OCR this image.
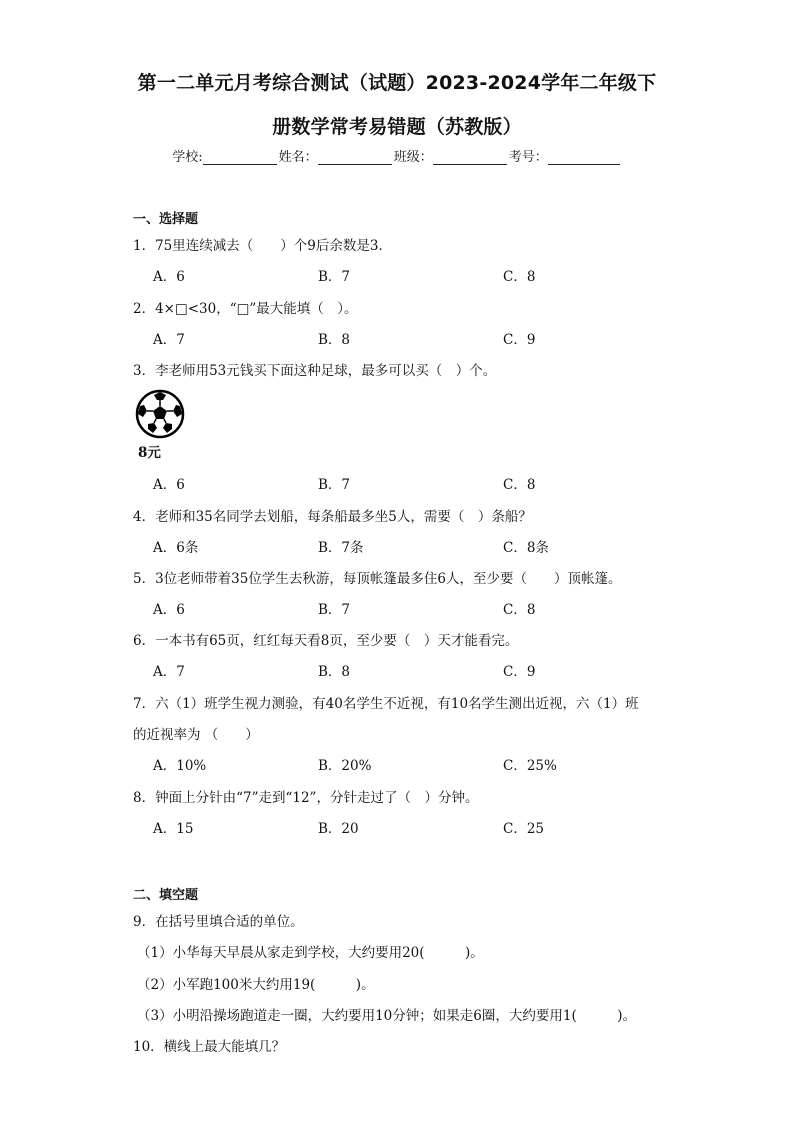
第一二单元月考综合测试（试题）2023-2024学年二年级下
册数学常考易错题（苏教版）
学校:	姓名：	班级：	考号：
一、选择题
1．75里连续减去（　　）个9后余数是3．
A．6	B．7	C．8
2．4×□<30，“□”最大能填（　）。
A．7	B．8	C．9
3．李老师用53元钱买下面这种足球，最多可以买（　）个。
8元
A．6	B．7	C．8
4．老师和35名同学去划船，每条船最多坐5人，需要（　）条船？
A．6条	B．7条	C．8条
5．3位老师带着35位学生去秋游，每顶帐篷最多住6人，至少要（　　）顶帐篷。
A．6	B．7	C．8
6．一本书有65页，红红每天看8页，至少要（　）天才能看完。
A．7	B．8	C．9
7．六（1）班学生视力测验，有40名学生不近视，有10名学生测出近视，六（1）班
的近视率为 （　　）
A．10%	B．20%	C．25%
8．钟面上分针由“7”走到“12”，分针走过了（　）分钟。
A．15	B．20	C．25
二、填空题
9．在括号里填合适的单位。
（1）小华每天早晨从家走到学校，大约要用20(　　　)。
（2）小军跑100米大约用19(　　　)。
（3）小明沿操场跑道走一圈，大约要用10分钟；如果走6圈，大约要用1(　　　)。
10．横线上最大能填几？
